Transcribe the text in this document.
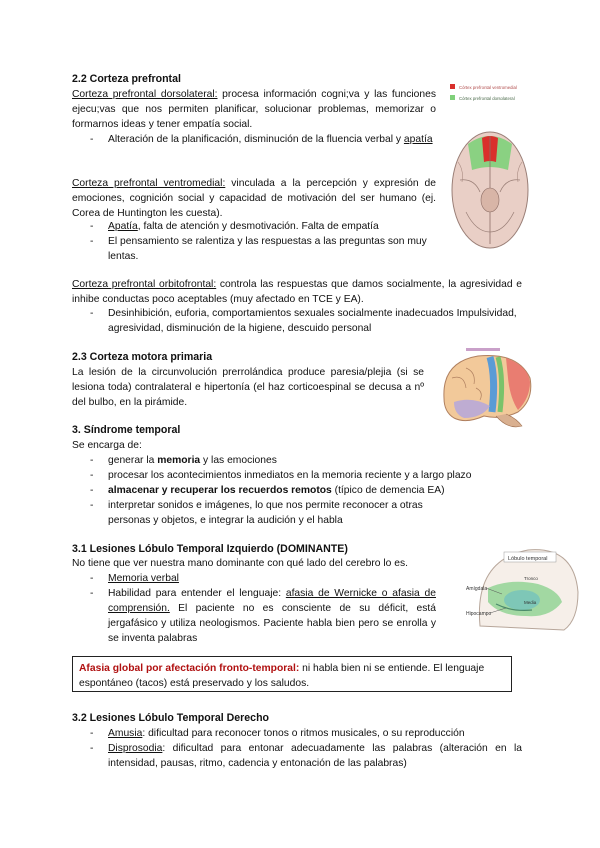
2.2 Corteza prefrontal
Corteza prefrontal dorsolateral: procesa información cogni;va y las funciones ejecu;vas que nos permiten planificar, solucionar problemas, memorizar o formarnos ideas y tener empatía social.
- Alteración de la planificación, disminución de la fluencia verbal y apatía
Corteza prefrontal ventromedial: vinculada a la percepción y expresión de emociones, cognición social y capacidad de motivación del ser humano (ej. Corea de Huntington les cuesta).
- Apatía, falta de atención y desmotivación. Falta de empatía
- El pensamiento se ralentiza y las respuestas a las preguntas son muy lentas.
Corteza prefrontal orbitofrontal: controla las respuestas que damos socialmente, la agresividad e inhibe conductas poco aceptables (muy afectado en TCE y EA).
- Desinhibición, euforia, comportamientos sexuales socialmente inadecuados Impulsividad, agresividad, disminución de la higiene, descuido personal
2.3 Corteza motora primaria
La lesión de la circunvolución prerrolándica produce paresia/plejia (si se lesiona toda) contralateral e hipertonía (el haz corticoespinal se decusa a nº del bulbo, en la pirámide.
3. Síndrome temporal
Se encarga de:
- generar la memoria y las emociones
- procesar los acontecimientos inmediatos en la memoria reciente y a largo plazo
- almacenar y recuperar los recuerdos remotos (típico de demencia EA)
- interpretar sonidos e imágenes, lo que nos permite reconocer a otras personas y objetos, e integrar la audición y el habla
3.1 Lesiones Lóbulo Temporal Izquierdo (DOMINANTE)
No tiene que ver nuestra mano dominante con qué lado del cerebro lo es.
- Memoria verbal
- Habilidad para entender el lenguaje: afasia de Wernicke o afasia de comprensión. El paciente no es consciente de su déficit, está jergafásico y utiliza neologismos. Paciente habla bien pero se enrolla y se inventa palabras
Afasia global por afectación fronto-temporal: ni habla bien ni se entiende. El lenguaje espontáneo (tacos) está preservado y los saludos.
3.2 Lesiones Lóbulo Temporal Derecho
- Amusia: dificultad para reconocer tonos o ritmos musicales, o su reproducción
- Disprosodia: dificultad para entonar adecuadamente las palabras (alteración en la intensidad, pausas, ritmo, cadencia y entonación de las palabras)
Córtex prefrontal ventromedial
Córtex prefrontal dorsolateral
Lóbulo temporal
Amígdala
Hipocampo
Tronco
Media
